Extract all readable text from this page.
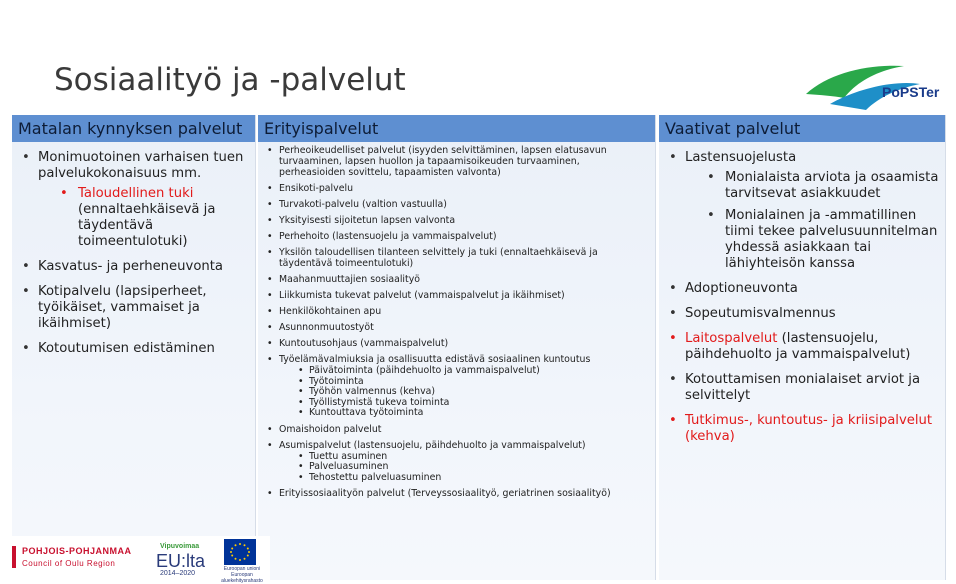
Sosiaalityö ja -palvelut	PoPSTer
Matalan kynnyksen palvelut
• Monimuotoinen varhaisen tuen palvelukokonaisuus mm.
• Taloudellinen tuki (ennaltaehkäisevä ja täydentävä toimeentulotuki)
• Kasvatus- ja perheneuvonta
• Kotipalvelu (lapsiperheet, työikäiset, vammaiset ja ikäihmiset)
• Kotoutumisen edistäminen
Erityispalvelut
• Perheoikeudelliset palvelut (isyyden selvittäminen, lapsen elatusavun turvaaminen, lapsen huollon ja tapaamisoikeuden turvaaminen, perheasioiden sovittelu, tapaamisten valvonta)
• Ensikoti-palvelu
• Turvakoti-palvelu (valtion vastuulla)
• Yksityisesti sijoitetun lapsen valvonta
• Perhehoito (lastensuojelu ja vammaispalvelut)
• Yksilön taloudellisen tilanteen selvittely ja tuki (ennaltaehkäisevä ja täydentävä toimeentulotuki)
• Maahanmuuttajien sosiaalityö
• Liikkumista tukevat palvelut (vammaispalvelut ja ikäihmiset)
• Henkilökohtainen apu
• Asunnonmuutostyöt
• Kuntoutusohjaus (vammaispalvelut)
• Työelämävalmiuksia ja osallisuutta edistävä sosiaalinen kuntoutus
• Päivätoiminta (päihdehuolto ja vammaispalvelut)
• Työtoiminta
• Työhön valmennus (kehva)
• Työllistymistä tukeva toiminta
• Kuntouttava työtoiminta
• Omaishoidon palvelut
• Asumispalvelut (lastensuojelu, päihdehuolto ja vammaispalvelut)
• Tuettu asuminen
• Palveluasuminen
• Tehostettu palveluasuminen
• Erityissosiaalityön palvelut (Terveyssosiaalityö, geriatrinen sosiaalityö)
Vaativat palvelut
• Lastensuojelusta
• Monialaista arviota ja osaamista tarvitsevat asiakkuudet
• Monialainen ja -ammatillinen tiimi tekee palvelusuunnitelman yhdessä asiakkaan tai lähiyhteisön kanssa
• Adoptioneuvonta
• Sopeutumisvalmennus
• Laitospalvelut (lastensuojelu, päihdehuolto ja vammaispalvelut)
• Kotouttamisen monialaiset arviot ja selvittelyt
• Tutkimus-, kuntoutus- ja kriisipalvelut (kehva)
POHJOIS-POHJANMAA
Council of Oulu Region
Vipuvoimaa
EU:lta
2014–2020
Euroopan unioni Euroopan aluekehitysrahasto
